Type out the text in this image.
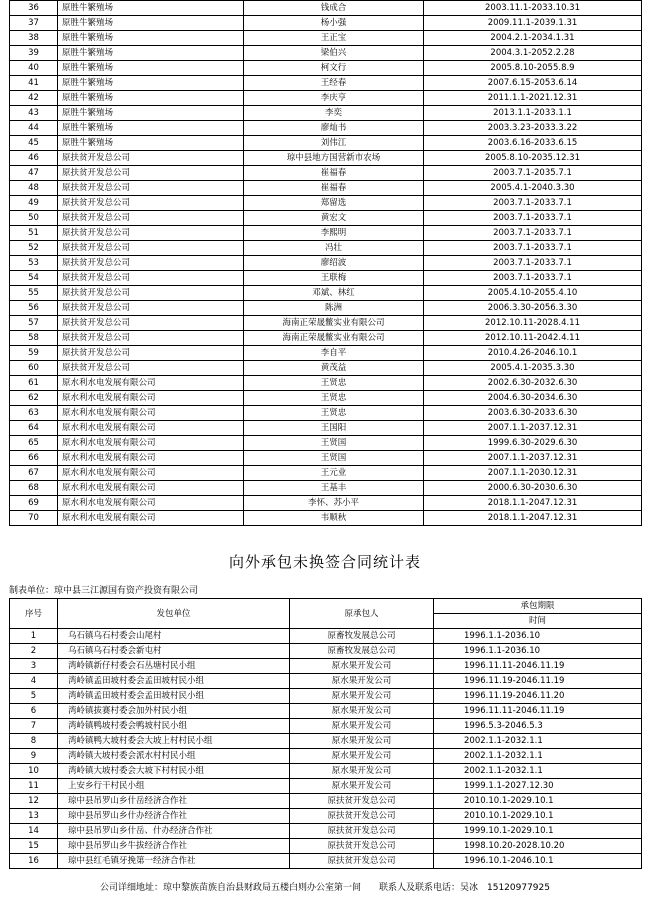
36	原胜牛繁殖场	钱成合	2003.11.1-2033.10.31
37	原胜牛繁殖场	杨小强	2009.11.1-2039.1.31
38	原胜牛繁殖场	王正宝	2004.2.1-2034.1.31
39	原胜牛繁殖场	梁伯兴	2004.3.1-2052.2.28
40	原胜牛繁殖场	柯文行	2005.8.10-2055.8.9
41	原胜牛繁殖场	王经春	2007.6.15-2053.6.14
42	原胜牛繁殖场	李庆亨	2011.1.1-2021.12.31
43	原胜牛繁殖场	李奕	2013.1.1-2033.1.1
44	原胜牛繁殖场	廖灿书	2003.3.23-2033.3.22
45	原胜牛繁殖场	刘伟江	2003.6.16-2033.6.15
46	原扶贫开发总公司	琼中县地方国营新市农场	2005.8.10-2035.12.31
47	原扶贫开发总公司	崔福春	2003.7.1-2035.7.1
48	原扶贫开发总公司	崔福春	2005.4.1-2040.3.30
49	原扶贫开发总公司	郑留选	2003.7.1-2033.7.1
50	原扶贫开发总公司	黄宏文	2003.7.1-2033.7.1
51	原扶贫开发总公司	李熙明	2003.7.1-2033.7.1
52	原扶贫开发总公司	冯壮	2003.7.1-2033.7.1
53	原扶贫开发总公司	廖绍波	2003.7.1-2033.7.1
54	原扶贫开发总公司	王联梅	2003.7.1-2033.7.1
55	原扶贫开发总公司	邓斌、林红	2005.4.10-2055.4.10
56	原扶贫开发总公司	陈洲	2006.3.30-2056.3.30
57	原扶贫开发总公司	海南正荣晟鳖实业有限公司	2012.10.11-2028.4.11
58	原扶贫开发总公司	海南正荣晟鳖实业有限公司	2012.10.11-2042.4.11
59	原扶贫开发总公司	李自平	2010.4.26-2046.10.1
60	原扶贫开发总公司	黄茂益	2005.4.1-2035.3.30
61	原水利水电发展有限公司	王贤忠	2002.6.30-2032.6.30
62	原水利水电发展有限公司	王贤忠	2004.6.30-2034.6.30
63	原水利水电发展有限公司	王贤忠	2003.6.30-2033.6.30
64	原水利水电发展有限公司	王国阳	2007.1.1-2037.12.31
65	原水利水电发展有限公司	王贤国	1999.6.30-2029.6.30
66	原水利水电发展有限公司	王贤国	2007.1.1-2037.12.31
67	原水利水电发展有限公司	王元业	2007.1.1-2030.12.31
68	原水利水电发展有限公司	王基丰	2000.6.30-2030.6.30
69	原水利水电发展有限公司	李怀、苏小平	2018.1.1-2047.12.31
70	原水利水电发展有限公司	韦顺秋	2018.1.1-2047.12.31
向外承包未换签合同统计表
制表单位：琼中县三江源国有资产投资有限公司
序号	发包单位	原承包人	承包期限
			时间
1	乌石镇乌石村委会山尾村	原畜牧发展总公司	1996.1.1-2036.10
2	乌石镇乌石村委会新屯村	原畜牧发展总公司	1996.1.1-2036.10
3	湾岭镇新仔村委会石丛塘村民小组	原水果开发公司	1996.11.11-2046.11.19
4	湾岭镇孟田坡村委会孟田坡村民小组	原水果开发公司	1996.11.19-2046.11.19
5	湾岭镇孟田坡村委会孟田坡村民小组	原水果开发公司	1996.11.19-2046.11.20
6	湾岭镇拔赛村委会加外村民小组	原水果开发公司	1996.11.11-2046.11.19
7	湾岭镇鸭坡村委会鸭坡村民小组	原水果开发公司	1996.5.3-2046.5.3
8	湾岭镇鸭大坡村委会大坡上村村民小组	原水果开发公司	2002.1.1-2032.1.1
9	湾岭镇大坡村委会派水村村民小组	原水果开发公司	2002.1.1-2032.1.1
10	湾岭镇大坡村委会大坡下村村民小组	原水果开发公司	2002.1.1-2032.1.1
11	上安乡行干村民小组	原水果开发公司	1999.1.1-2027.12.30
12	琼中县吊罗山乡什岳经济合作社	原扶贫开发总公司	2010.10.1-2029.10.1
13	琼中县吊罗山乡什办经济合作社	原扶贫开发总公司	2010.10.1-2029.10.1
14	琼中县吊罗山乡什岳、什办经济合作社	原扶贫开发总公司	1999.10.1-2029.10.1
15	琼中县吊罗山乡牛拔经济合作社	原扶贫开发总公司	1998.10.20-2028.10.20
16	琼中县红毛镇牙挽第一经济合作社	原扶贫开发总公司	1996.10.1-2046.10.1
公司详细地址：琼中黎族苗族自治县财政局五楼白则办公室第一间　　联系人及联系电话：吴冰　15120977925
